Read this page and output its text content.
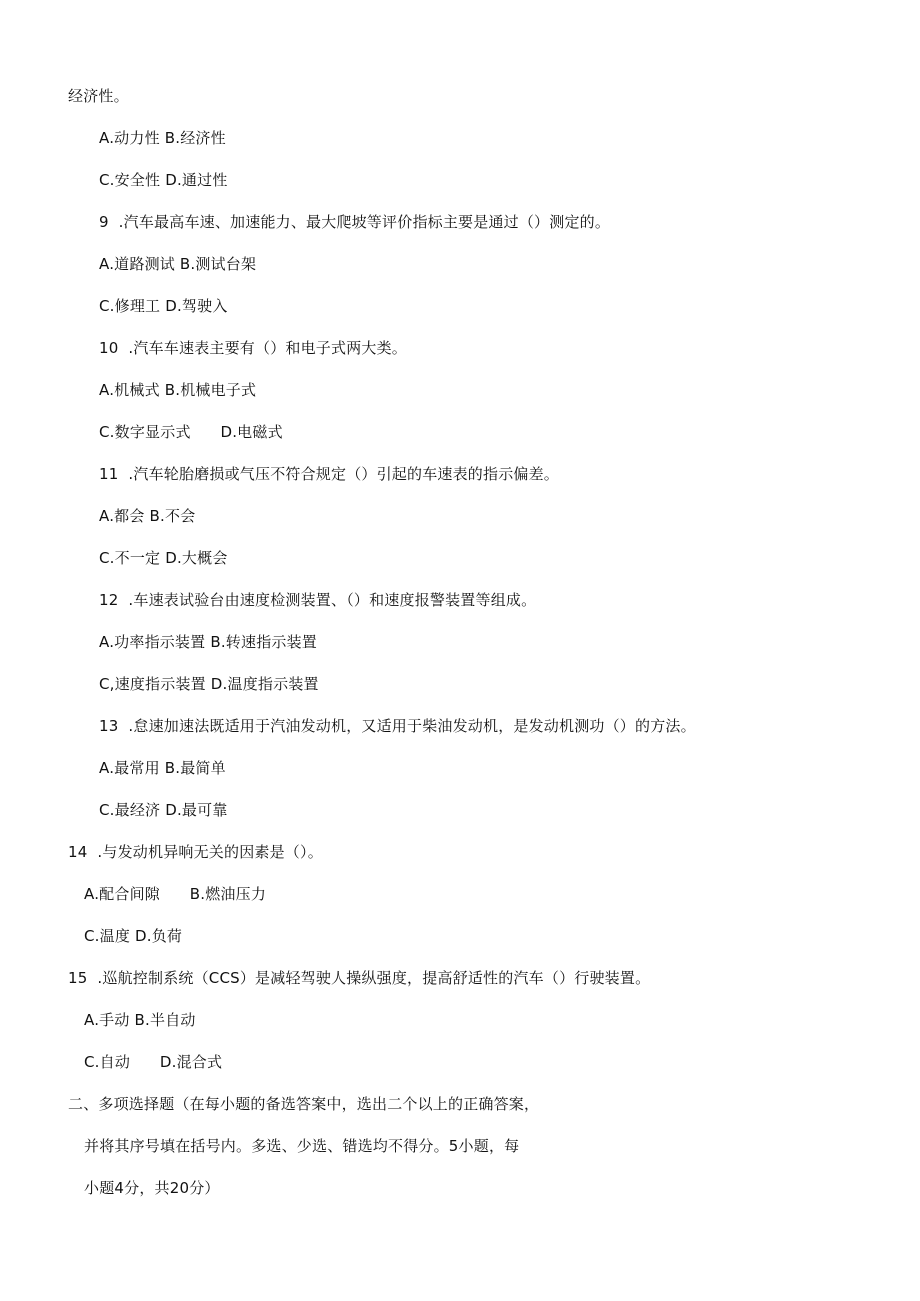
经济性。

A.动力性 B.经济性

C.安全性 D.通过性

9  .汽车最高车速、加速能力、最大爬坡等评价指标主要是通过（）测定的。

A.道路测试 B.测试台架

C.修理工 D.驾驶入

10  .汽车车速表主要有（）和电子式两大类。

A.机械式 B.机械电子式

C.数字显示式      D.电磁式

11  .汽车轮胎磨损或气压不符合规定（）引起的车速表的指示偏差。

A.都会 B.不会

C.不一定 D.大概会

12  .车速表试验台由速度检测装置、（）和速度报警装置等组成。

A.功率指示装置 B.转速指示装置

C,速度指示装置 D.温度指示装置

13  .怠速加速法既适用于汽油发动机，又适用于柴油发动机，是发动机测功（）的方法。

A.最常用 B.最简单

C.最经济 D.最可靠

14  .与发动机异响无关的因素是（）。

A.配合间隙      B.燃油压力

C.温度 D.负荷

15  .巡航控制系统（CCS）是减轻驾驶人操纵强度，提高舒适性的汽车（）行驶装置。

A.手动 B.半自动

C.自动      D.混合式

二、多项选择题（在每小题的备选答案中，选出二个以上的正确答案，

并将其序号填在括号内。多选、少选、错选均不得分。5小题，每

小题4分，共20分）
